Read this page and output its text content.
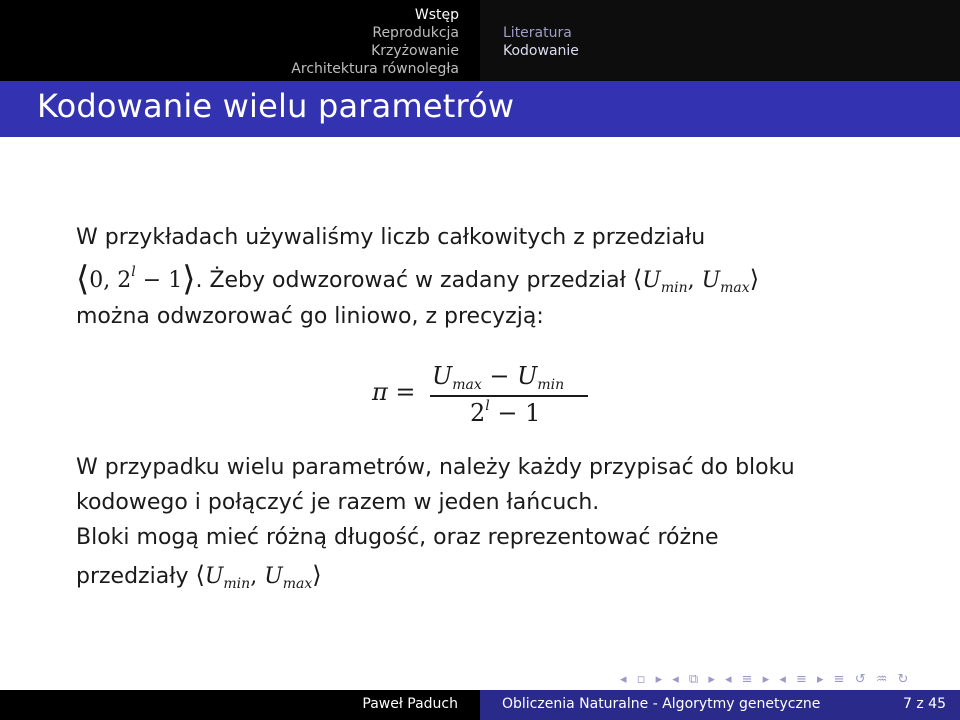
Wstęp
Reprodukcja
Krzyżowanie
Architektura równoległa
Literatura
Kodowanie
Kodowanie wielu parametrów
W przykładach używaliśmy liczb całkowitych z przedziału
⟨0, $2^l$ − 1⟩. Żeby odwzorować w zadany przedział $⟨U_{min}$, $U_{max}⟩$
można odwzorować go liniowo, z precyzją:
π =
$U_{max} - U_{min}$
$2^l - 1$
W przypadku wielu parametrów, należy każdy przypisać do bloku
kodowego i połączyć je razem w jeden łańcuch.
Bloki mogą mieć różną długość, oraz reprezentować różne
przedziały $⟨U_{min}$, $U_{max}⟩$
◂ ▫ ▸ ◂ ⧉ ▸ ◂ ≡ ▸ ◂ ≡ ▸ ≡ ↺ ♒ ↻
Paweł Paduch	Obliczenia Naturalne - Algorytmy genetyczne	7 z 45
